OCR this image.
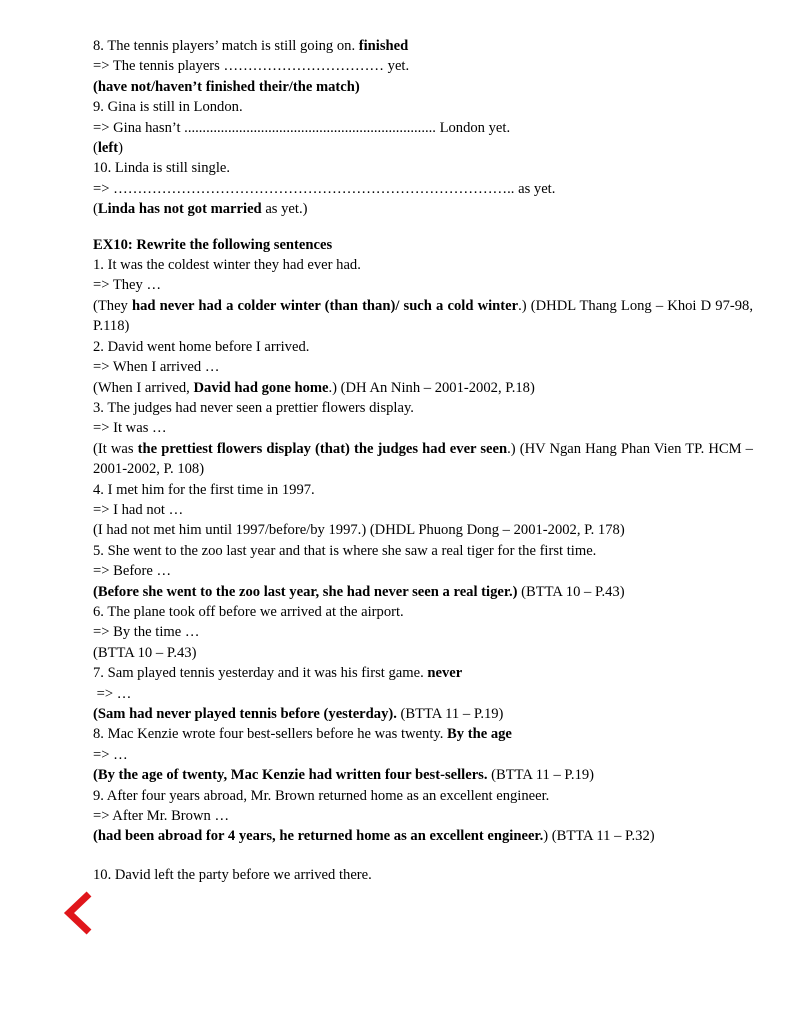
8. The tennis players’ match is still going on. finished
=> The tennis players …………………………… yet.
(have not/haven’t finished their/the match)
9. Gina is still in London.
=> Gina hasn’t ..................................................................... London yet.
(left)
10. Linda is still single.
=> ……………………………………………………………………….. as yet.
(Linda has not got married as yet.)
EX10: Rewrite the following sentences
1. It was the coldest winter they had ever had.
=> They …
(They had never had a colder winter (than than)/ such a cold winter.) (DHDL Thang Long – Khoi D 97-98, P.118)
2. David went home before I arrived.
=> When I arrived …
(When I arrived, David had gone home.) (DH An Ninh – 2001-2002, P.18)
3. The judges had never seen a prettier flowers display.
=> It was …
(It was the prettiest flowers display (that) the judges had ever seen.) (HV Ngan Hang Phan Vien TP. HCM – 2001-2002, P. 108)
4. I met him for the first time in 1997.
=> I had not …
(I had not met him until 1997/before/by 1997.) (DHDL Phuong Dong – 2001-2002, P. 178)
5. She went to the zoo last year and that is where she saw a real tiger for the first time.
=> Before …
(Before she went to the zoo last year, she had never seen a real tiger.) (BTTA 10 – P.43)
6. The plane took off before we arrived at the airport.
=> By the time …
(BTTA 10 – P.43)
7. Sam played tennis yesterday and it was his first game. never
=> …
(Sam had never played tennis before (yesterday). (BTTA 11 – P.19)
8. Mac Kenzie wrote four best-sellers before he was twenty. By the age
=> …
(By the age of twenty, Mac Kenzie had written four best-sellers. (BTTA 11 – P.19)
9. After four years abroad, Mr. Brown returned home as an excellent engineer.
=> After Mr. Brown …
(had been abroad for 4 years, he returned home as an excellent engineer.) (BTTA 11 – P.32)
10. David left the party before we arrived there.
